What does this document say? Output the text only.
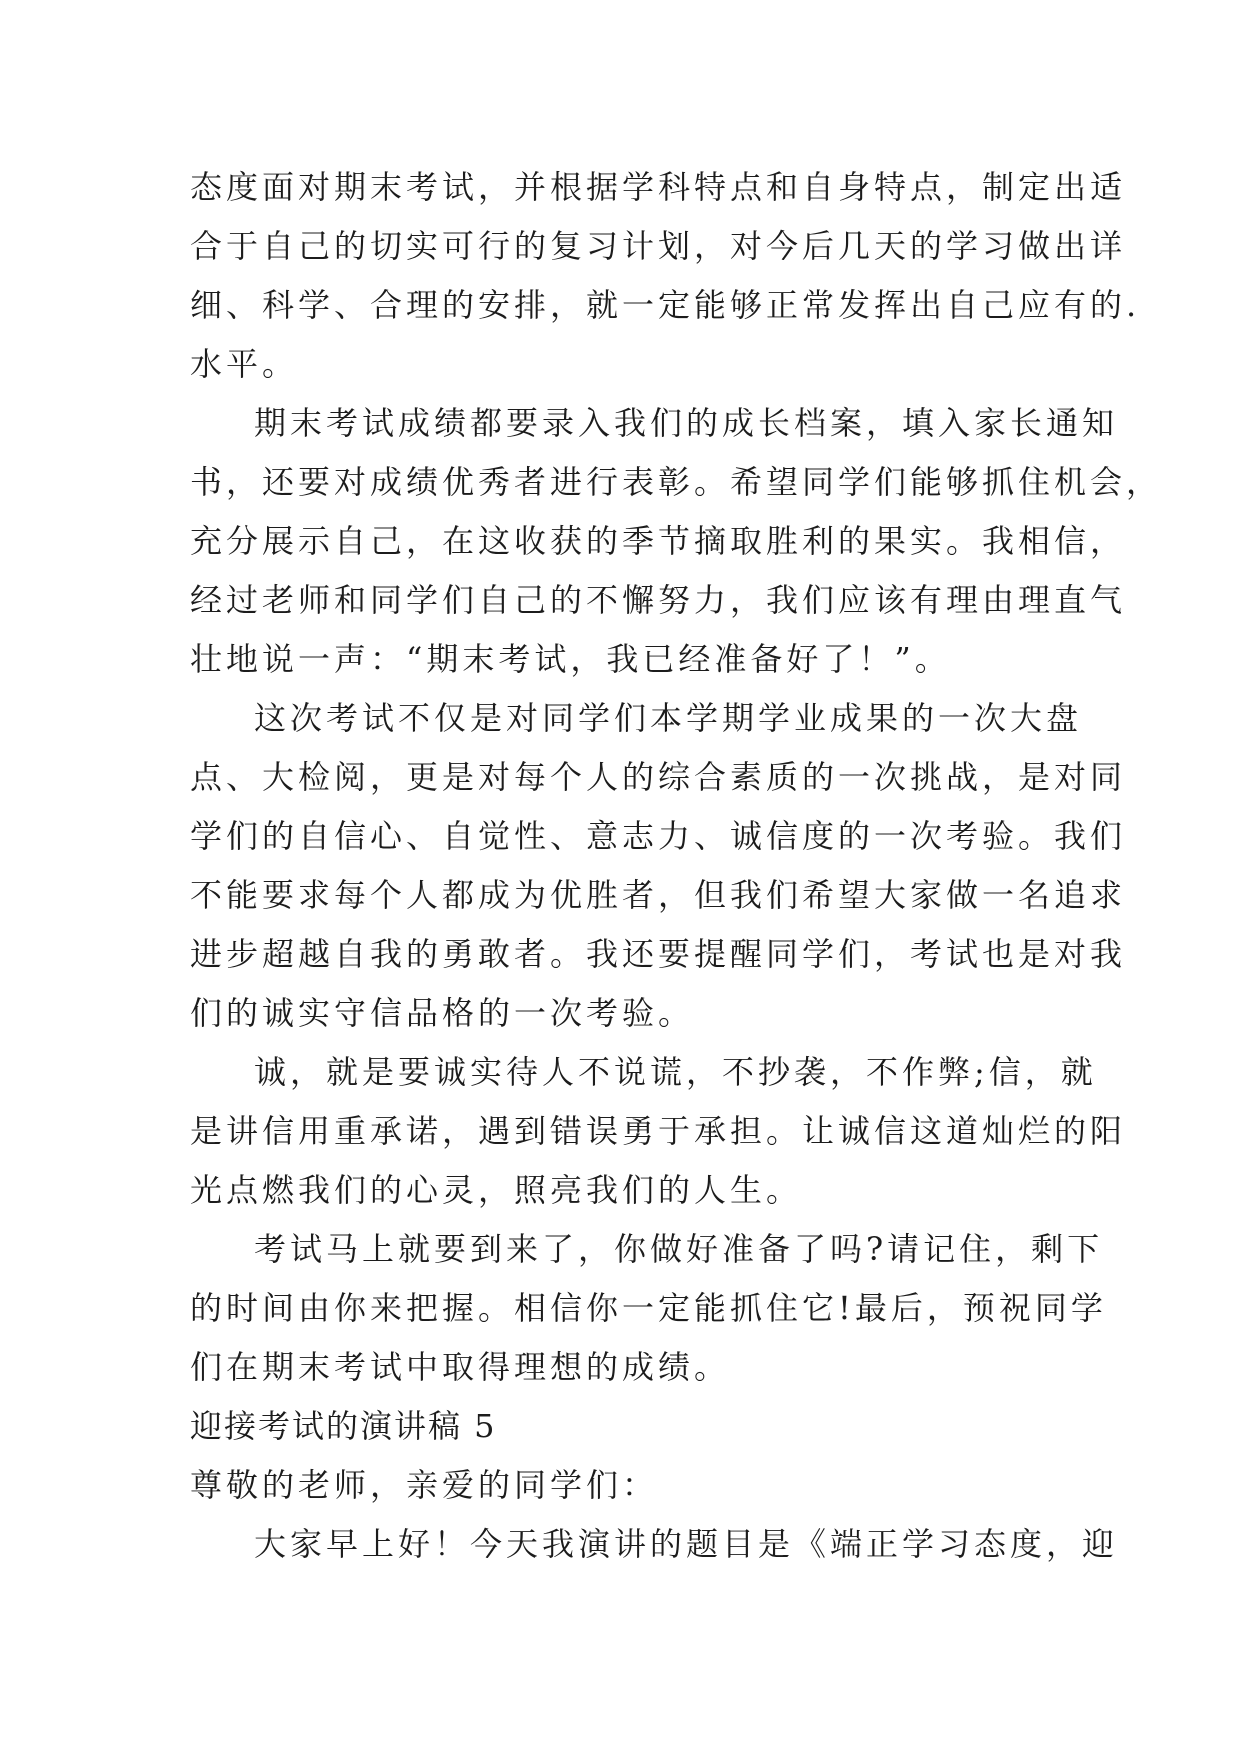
态度面对期末考试，并根据学科特点和自身特点，制定出适
合于自己的切实可行的复习计划，对今后几天的学习做出详
细、科学、合理的安排，就一定能够正常发挥出自己应有的.
水平。
期末考试成绩都要录入我们的成长档案，填入家长通知
书，还要对成绩优秀者进行表彰。希望同学们能够抓住机会，
充分展示自己，在这收获的季节摘取胜利的果实。我相信，
经过老师和同学们自己的不懈努力，我们应该有理由理直气
壮地说一声：“期末考试，我已经准备好了！”。
这次考试不仅是对同学们本学期学业成果的一次大盘
点、大检阅，更是对每个人的综合素质的一次挑战，是对同
学们的自信心、自觉性、意志力、诚信度的一次考验。我们
不能要求每个人都成为优胜者，但我们希望大家做一名追求
进步超越自我的勇敢者。我还要提醒同学们，考试也是对我
们的诚实守信品格的一次考验。
诚，就是要诚实待人不说谎，不抄袭，不作弊;信，就
是讲信用重承诺，遇到错误勇于承担。让诚信这道灿烂的阳
光点燃我们的心灵，照亮我们的人生。
考试马上就要到来了，你做好准备了吗?请记住，剩下
的时间由你来把握。相信你一定能抓住它!最后，预祝同学
们在期末考试中取得理想的成绩。
迎接考试的演讲稿 5
尊敬的老师，亲爱的同学们：
大家早上好！今天我演讲的题目是《端正学习态度，迎
